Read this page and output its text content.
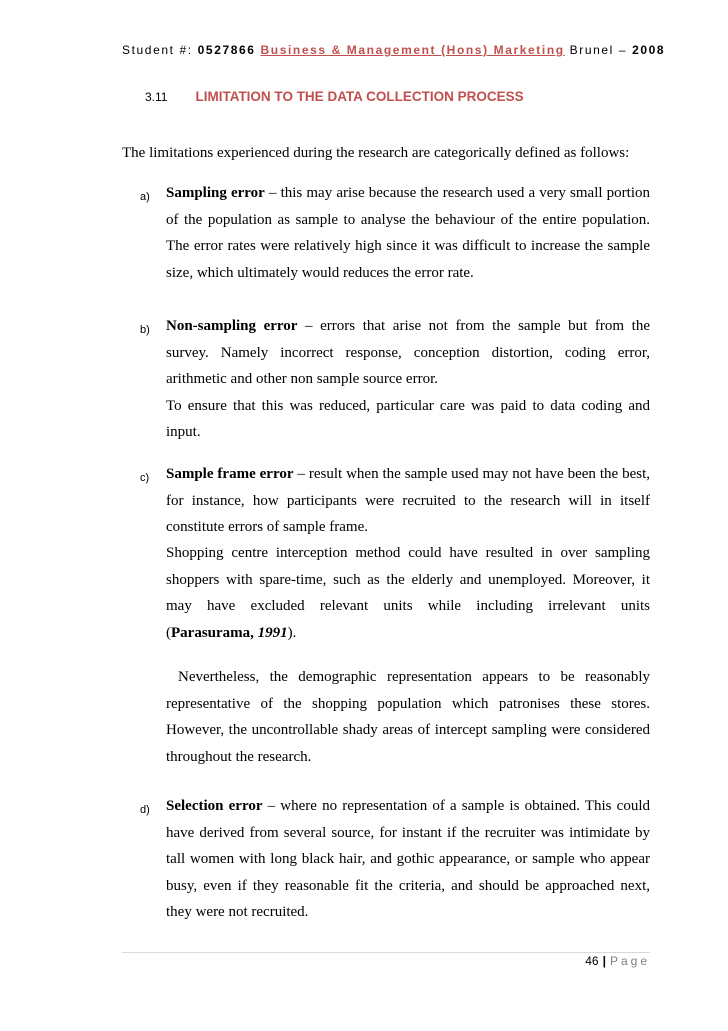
Student #: 0527866 Business & Management (Hons) Marketing Brunel – 2008
3.11 LIMITATION TO THE DATA COLLECTION PROCESS
The limitations experienced during the research are categorically defined as follows:
a) Sampling error – this may arise because the research used a very small portion of the population as sample to analyse the behaviour of the entire population. The error rates were relatively high since it was difficult to increase the sample size, which ultimately would reduces the error rate.
b) Non-sampling error – errors that arise not from the sample but from the survey. Namely incorrect response, conception distortion, coding error, arithmetic and other non sample source error.
To ensure that this was reduced, particular care was paid to data coding and input.
c) Sample frame error – result when the sample used may not have been the best, for instance, how participants were recruited to the research will in itself constitute errors of sample frame.
Shopping centre interception method could have resulted in over sampling shoppers with spare-time, such as the elderly and unemployed. Moreover, it may have excluded relevant units while including irrelevant units (Parasurama, 1991).
Nevertheless, the demographic representation appears to be reasonably representative of the shopping population which patronises these stores. However, the uncontrollable shady areas of intercept sampling were considered throughout the research.
d) Selection error – where no representation of a sample is obtained. This could have derived from several source, for instant if the recruiter was intimidate by tall women with long black hair, and gothic appearance, or sample who appear busy, even if they reasonable fit the criteria, and should be approached next, they were not recruited.
46 | Page
